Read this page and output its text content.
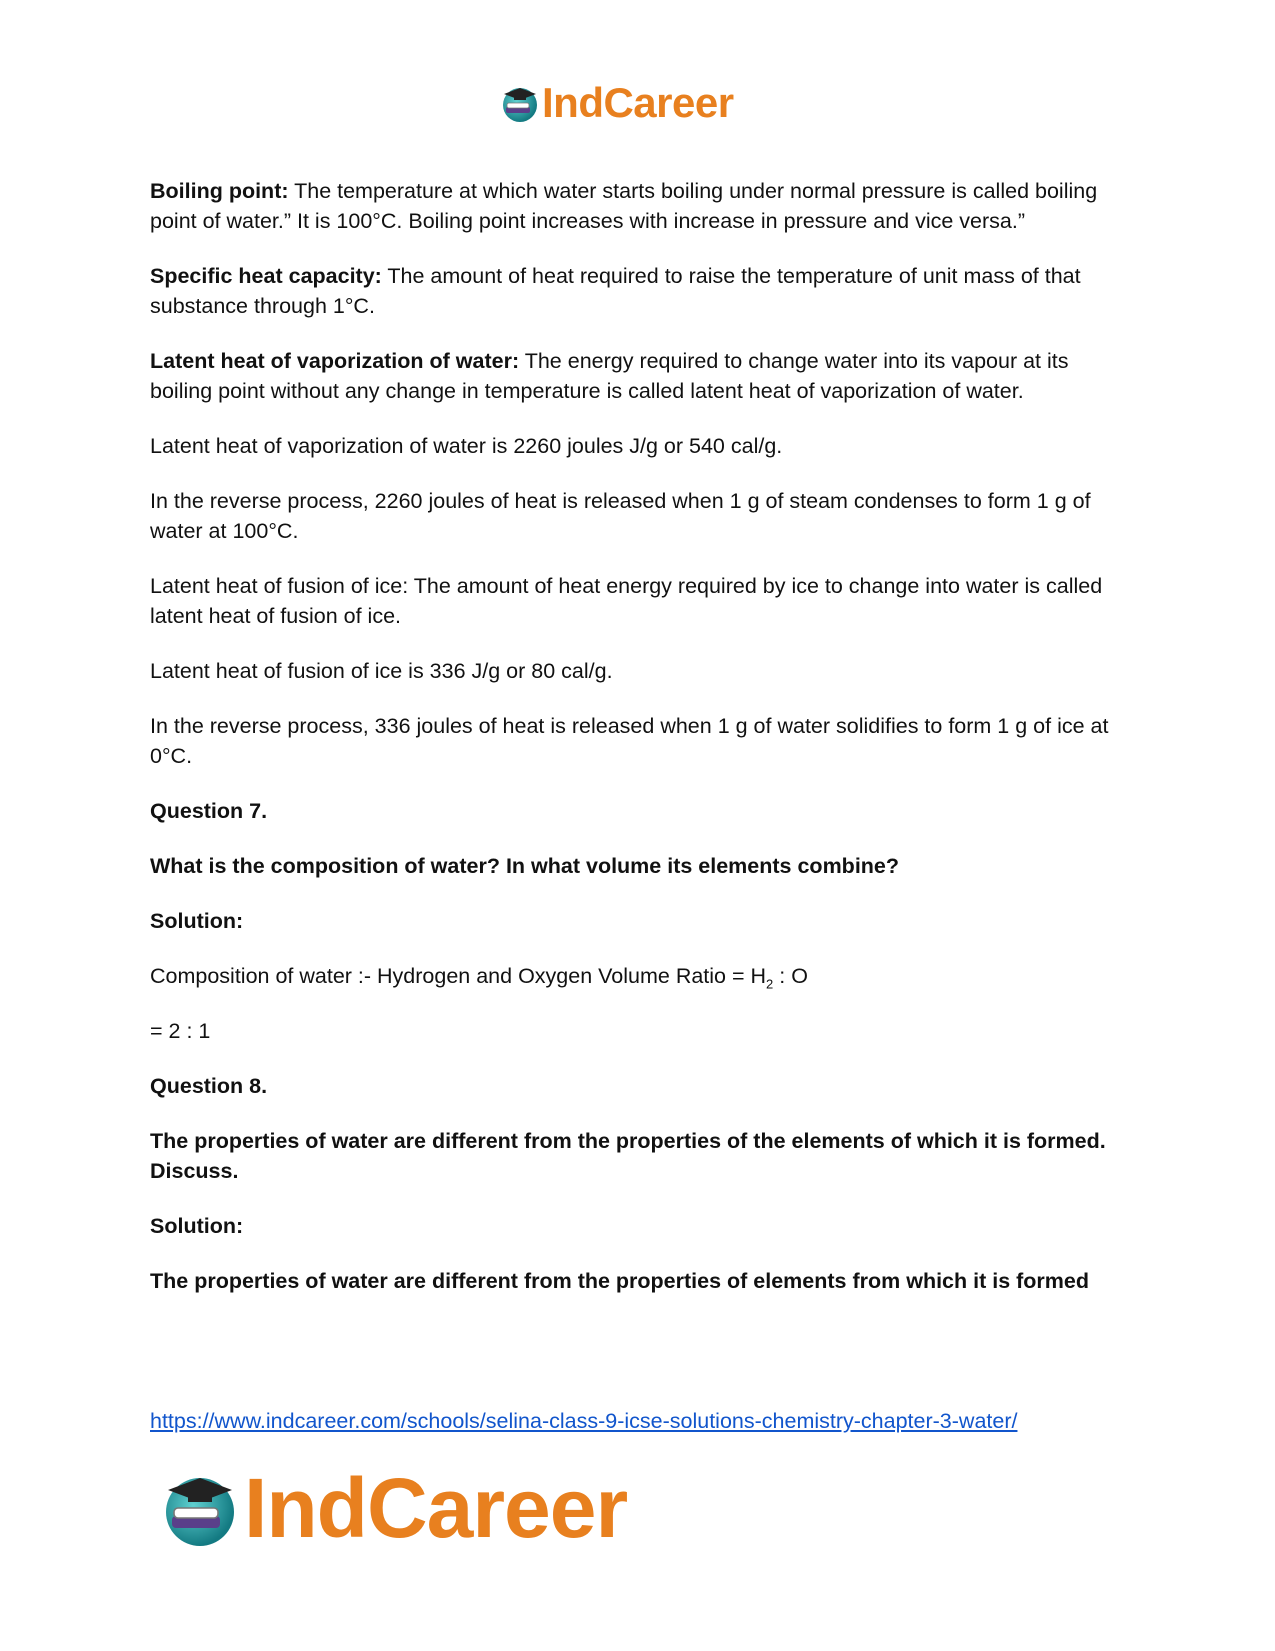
IndCareer

Boiling point: The temperature at which water starts boiling under normal pressure is called boiling point of water.” It is 100°C. Boiling point increases with increase in pressure and vice versa.”

Specific heat capacity: The amount of heat required to raise the temperature of unit mass of that substance through 1°C.

Latent heat of vaporization of water: The energy required to change water into its vapour at its boiling point without any change in temperature is called latent heat of vaporization of water.

Latent heat of vaporization of water is 2260 joules J/g or 540 cal/g.

In the reverse process, 2260 joules of heat is released when 1 g of steam condenses to form 1 g of water at 100°C.

Latent heat of fusion of ice: The amount of heat energy required by ice to change into water is called latent heat of fusion of ice.

Latent heat of fusion of ice is 336 J/g or 80 cal/g.

In the reverse process, 336 joules of heat is released when 1 g of water solidifies to form 1 g of ice at 0°C.

Question 7.

What is the composition of water? In what volume its elements combine?

Solution:

Composition of water :- Hydrogen and Oxygen Volume Ratio = $H_2$ : O

= 2 : 1

Question 8.

The properties of water are different from the properties of the elements of which it is formed. Discuss.

Solution:

The properties of water are different from the properties of elements from which it is formed

https://www.indcareer.com/schools/selina-class-9-icse-solutions-chemistry-chapter-3-water/
IndCareer
